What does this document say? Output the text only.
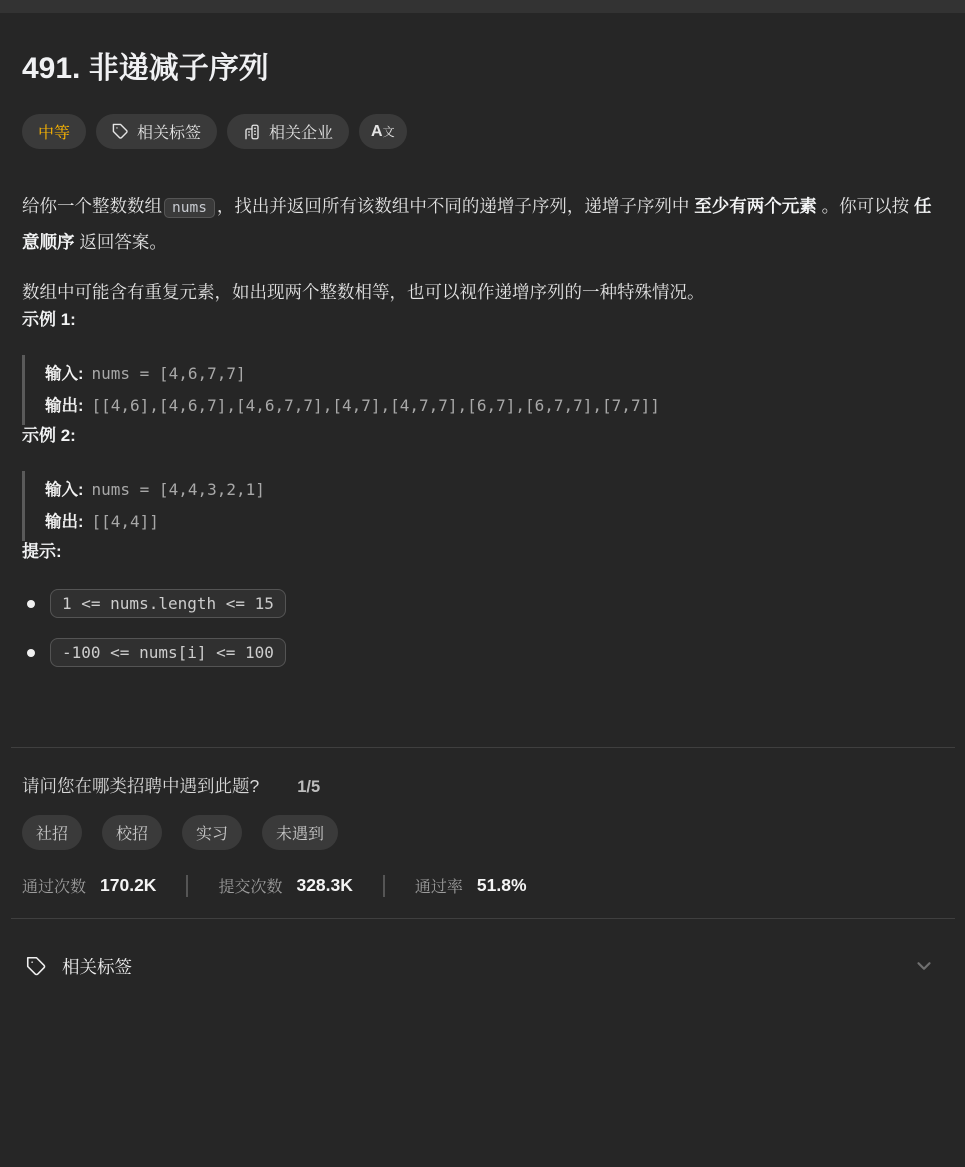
491. 非递减子序列
中等	相关标签	相关企业 A文

给你一个整数数组 nums ，找出并返回所有该数组中不同的递增子序列，递增子序列中 至少有两个元素 。你可以按 任意顺序 返回答案。

数组中可能含有重复元素，如出现两个整数相等，也可以视作递增序列的一种特殊情况。

示例 1:
输入: nums = [4,6,7,7]
输出: [[4,6],[4,6,7],[4,6,7,7],[4,7],[4,7,7],[6,7],[6,7,7],[7,7]]
示例 2:
输入: nums = [4,4,3,2,1]
输出: [[4,4]]
提示:
1 <= nums.length <= 15
-100 <= nums[i] <= 100
请问您在哪类招聘中遇到此题? 1/5
社招	校招	实习	未遇到
通过次数 170.2K	提交次数 328.3K	通过率 51.8%
相关标签
